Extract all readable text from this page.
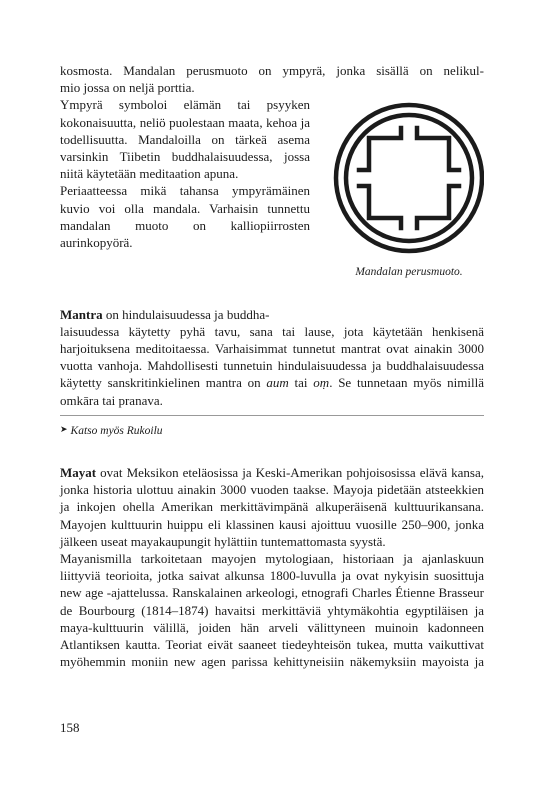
kosmosta. Mandalan perusmuoto on ympyrä, jonka sisällä on nelikul-

mio jossa on neljä porttia.

Mandalan perusmuoto.

Ympyrä symboloi elämän tai psyyken kokonaisuutta, neliö puolestaan maata, kehoa ja todellisuutta. Mandaloilla on tärkeä asema varsinkin Tiibetin buddhalaisuudessa, jossa niitä käytetään meditaation apuna.

Periaatteessa mikä tahansa ympyrämäinen kuvio voi olla mandala. Varhaisin tunnettu mandalan muoto on kalliopiirrosten aurinkopyörä.

Mantra on hindulaisuudessa ja buddha-
laisuudessa käytetty pyhä tavu, sana tai lause, jota käytetään henkisenä harjoituksena meditoitaessa. Varhaisimmat tunnetut mantrat ovat ainakin 3000 vuotta vanhoja. Mahdollisesti tunnetuin hindulaisuudessa ja buddhalaisuudessa käytetty sanskritinkielinen mantra on aum tai oṃ. Se tunnetaan myös nimillä omkāra tai pranava.

➤ Katso myös Rukoilu

Mayat ovat Meksikon eteläosissa ja Keski-Amerikan pohjoisosissa elävä kansa, jonka historia ulottuu ainakin 3000 vuoden taakse. Mayoja pidetään atsteekkien ja inkojen ohella Amerikan merkittävimpänä alkuperäisenä kulttuurikansana. Mayojen kulttuurin huippu eli klassinen kausi ajoittuu vuosille 250–900, jonka jälkeen useat mayakaupungit hylättiin tuntemattomasta syystä.

Mayanismilla tarkoitetaan mayojen mytologiaan, historiaan ja ajanlaskuun liittyviä teorioita, jotka saivat alkunsa 1800-luvulla ja ovat nykyisin suosittuja new age -ajattelussa. Ranskalainen arkeologi, etnografi Charles Étienne Brasseur de Bourbourg (1814–1874) havaitsi merkittäviä yhtymäkohtia egyptiläisen ja maya-kulttuurin välillä, joiden hän arveli välittyneen muinoin kadonneen Atlantiksen kautta. Teoriat eivät saaneet tiedeyhteisön tukea, mutta vaikuttivat myöhemmin moniin new agen parissa kehittyneisiin näkemyksiin mayoista ja

158
